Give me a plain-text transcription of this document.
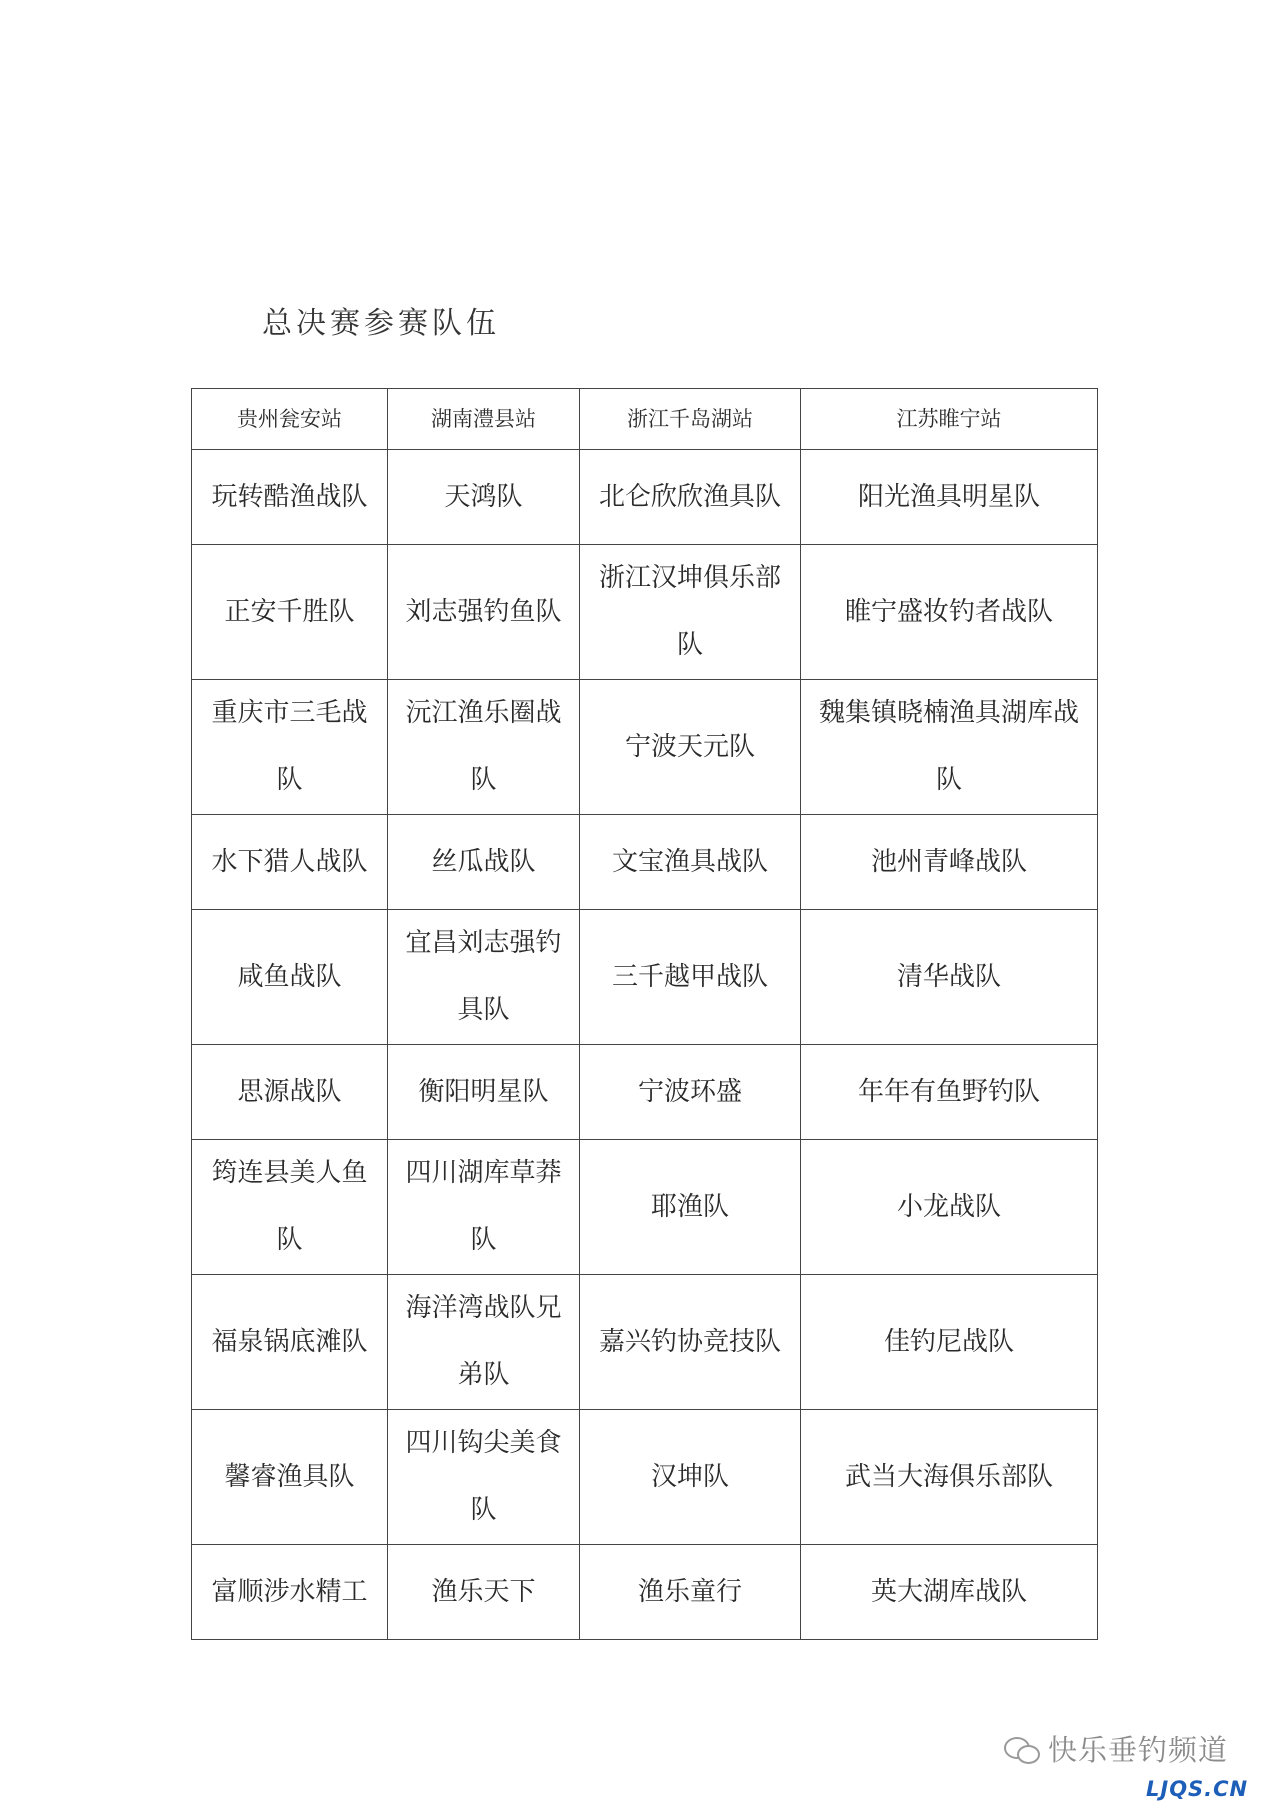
总决赛参赛队伍
贵州瓮安站	湖南澧县站	浙江千岛湖站	江苏睢宁站
玩转酷渔战队	天鸿队	北仑欣欣渔具队	阳光渔具明星队
正安千胜队	刘志强钓鱼队	浙江汉坤俱乐部队	睢宁盛妆钓者战队
重庆市三毛战队	沅江渔乐圈战队	宁波天元队	魏集镇晓楠渔具湖库战队
水下猎人战队	丝瓜战队	文宝渔具战队	池州青峰战队
咸鱼战队	宜昌刘志强钓具队	三千越甲战队	清华战队
思源战队	衡阳明星队	宁波环盛	年年有鱼野钓队
筠连县美人鱼队	四川湖库草莽队	耶渔队	小龙战队
福泉锅底滩队	海洋湾战队兄弟队	嘉兴钓协竞技队	佳钓尼战队
馨睿渔具队	四川钩尖美食队	汉坤队	武当大海俱乐部队
富顺涉水精工	渔乐天下	渔乐童行	英大湖库战队
快乐垂钓频道
LJQS.CN
